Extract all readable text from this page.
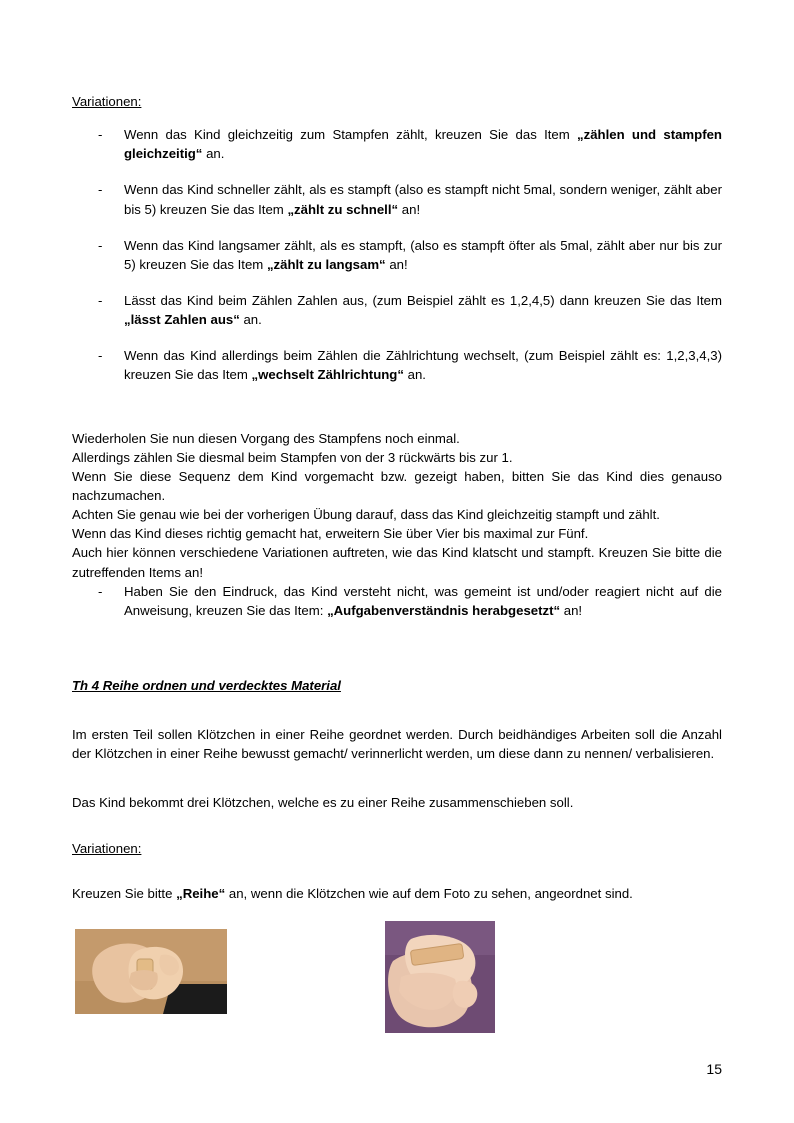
Variationen:
- Wenn das Kind gleichzeitig zum Stampfen zählt, kreuzen Sie das Item „zählen und stampfen gleichzeitig“ an.
- Wenn das Kind schneller zählt, als es stampft (also es stampft nicht 5mal, sondern weniger, zählt aber bis 5) kreuzen Sie das Item „zählt zu schnell“ an!
- Wenn das Kind langsamer zählt, als es stampft, (also es stampft öfter als 5mal, zählt aber nur bis zur 5) kreuzen Sie das Item „zählt zu langsam“ an!
- Lässt das Kind beim Zählen Zahlen aus, (zum Beispiel zählt es 1,2,4,5) dann kreuzen Sie das Item „lässt Zahlen aus“ an.
- Wenn das Kind allerdings beim Zählen die Zählrichtung wechselt, (zum Beispiel zählt es: 1,2,3,4,3) kreuzen Sie das Item „wechselt Zählrichtung“ an.

Wiederholen Sie nun diesen Vorgang des Stampfens noch einmal.

Allerdings zählen Sie diesmal beim Stampfen von der 3 rückwärts bis zur 1.

Wenn Sie diese Sequenz dem Kind vorgemacht bzw. gezeigt haben, bitten Sie das Kind dies genauso nachzumachen.

Achten Sie genau wie bei der vorherigen Übung darauf, dass das Kind gleichzeitig stampft und zählt.

Wenn das Kind dieses richtig gemacht hat, erweitern Sie über Vier bis maximal zur Fünf.

Auch hier können verschiedene Variationen auftreten, wie das Kind klatscht und stampft. Kreuzen Sie bitte die zutreffenden Items an!

- Haben Sie den Eindruck, das Kind versteht nicht, was gemeint ist und/oder reagiert nicht auf die Anweisung, kreuzen Sie das Item: „Aufgabenverständnis herabgesetzt“ an!
Th 4 Reihe ordnen und verdecktes Material
Im ersten Teil sollen Klötzchen in einer Reihe geordnet werden. Durch beidhändiges Arbeiten soll die Anzahl der Klötzchen in einer Reihe bewusst gemacht/ verinnerlicht werden, um diese dann zu nennen/ verbalisieren.
Das Kind bekommt drei Klötzchen, welche es zu einer Reihe zusammenschieben soll.
Variationen:
Kreuzen Sie bitte „Reihe“ an, wenn die Klötzchen wie auf dem Foto zu sehen, angeordnet sind.
15
